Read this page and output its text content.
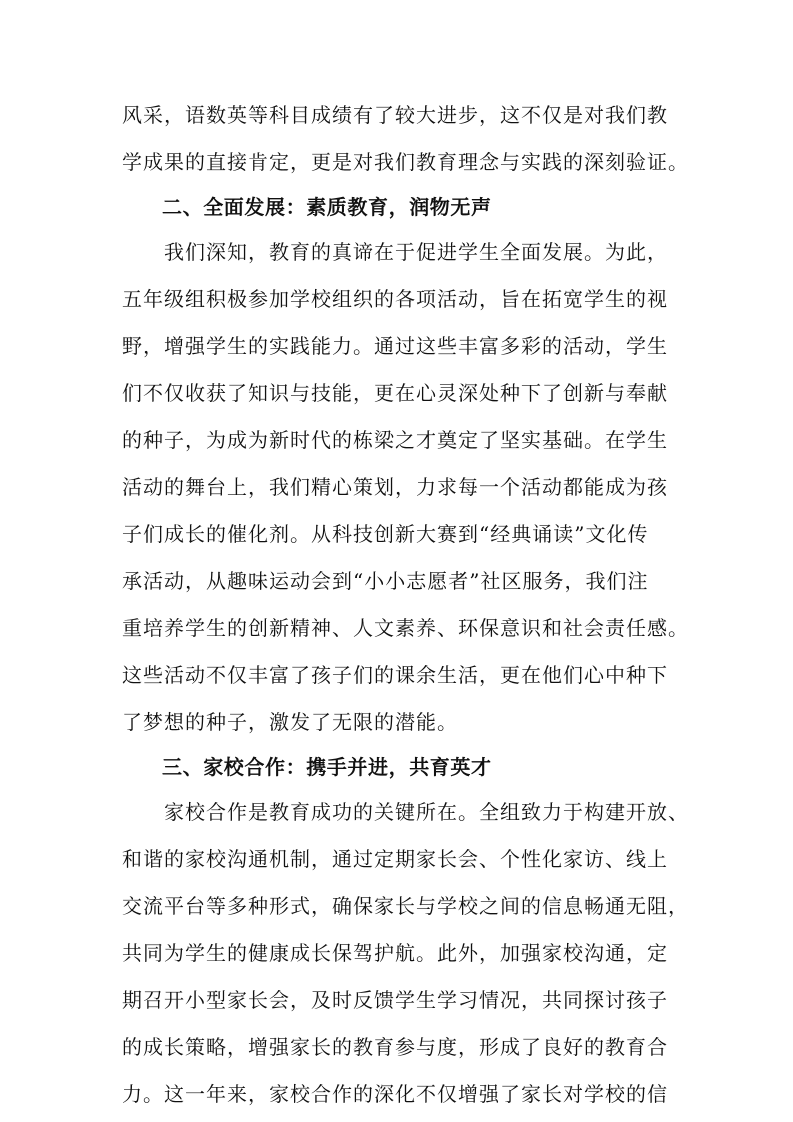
风采，语数英等科目成绩有了较大进步，这不仅是对我们教
学成果的直接肯定，更是对我们教育理念与实践的深刻验证。
二、全面发展：素质教育，润物无声
　　我们深知，教育的真谛在于促进学生全面发展。为此，
五年级组积极参加学校组织的各项活动，旨在拓宽学生的视
野，增强学生的实践能力。通过这些丰富多彩的活动，学生
们不仅收获了知识与技能，更在心灵深处种下了创新与奉献
的种子，为成为新时代的栋梁之才奠定了坚实基础。在学生
活动的舞台上，我们精心策划，力求每一个活动都能成为孩
子们成长的催化剂。从科技创新大赛到“经典诵读”文化传
承活动，从趣味运动会到“小小志愿者”社区服务，我们注
重培养学生的创新精神、人文素养、环保意识和社会责任感。
这些活动不仅丰富了孩子们的课余生活，更在他们心中种下
了梦想的种子，激发了无限的潜能。
三、家校合作：携手并进，共育英才
　　家校合作是教育成功的关键所在。全组致力于构建开放、
和谐的家校沟通机制，通过定期家长会、个性化家访、线上
交流平台等多种形式，确保家长与学校之间的信息畅通无阻，
共同为学生的健康成长保驾护航。此外，加强家校沟通，定
期召开小型家长会，及时反馈学生学习情况，共同探讨孩子
的成长策略，增强家长的教育参与度，形成了良好的教育合
力。这一年来，家校合作的深化不仅增强了家长对学校的信
